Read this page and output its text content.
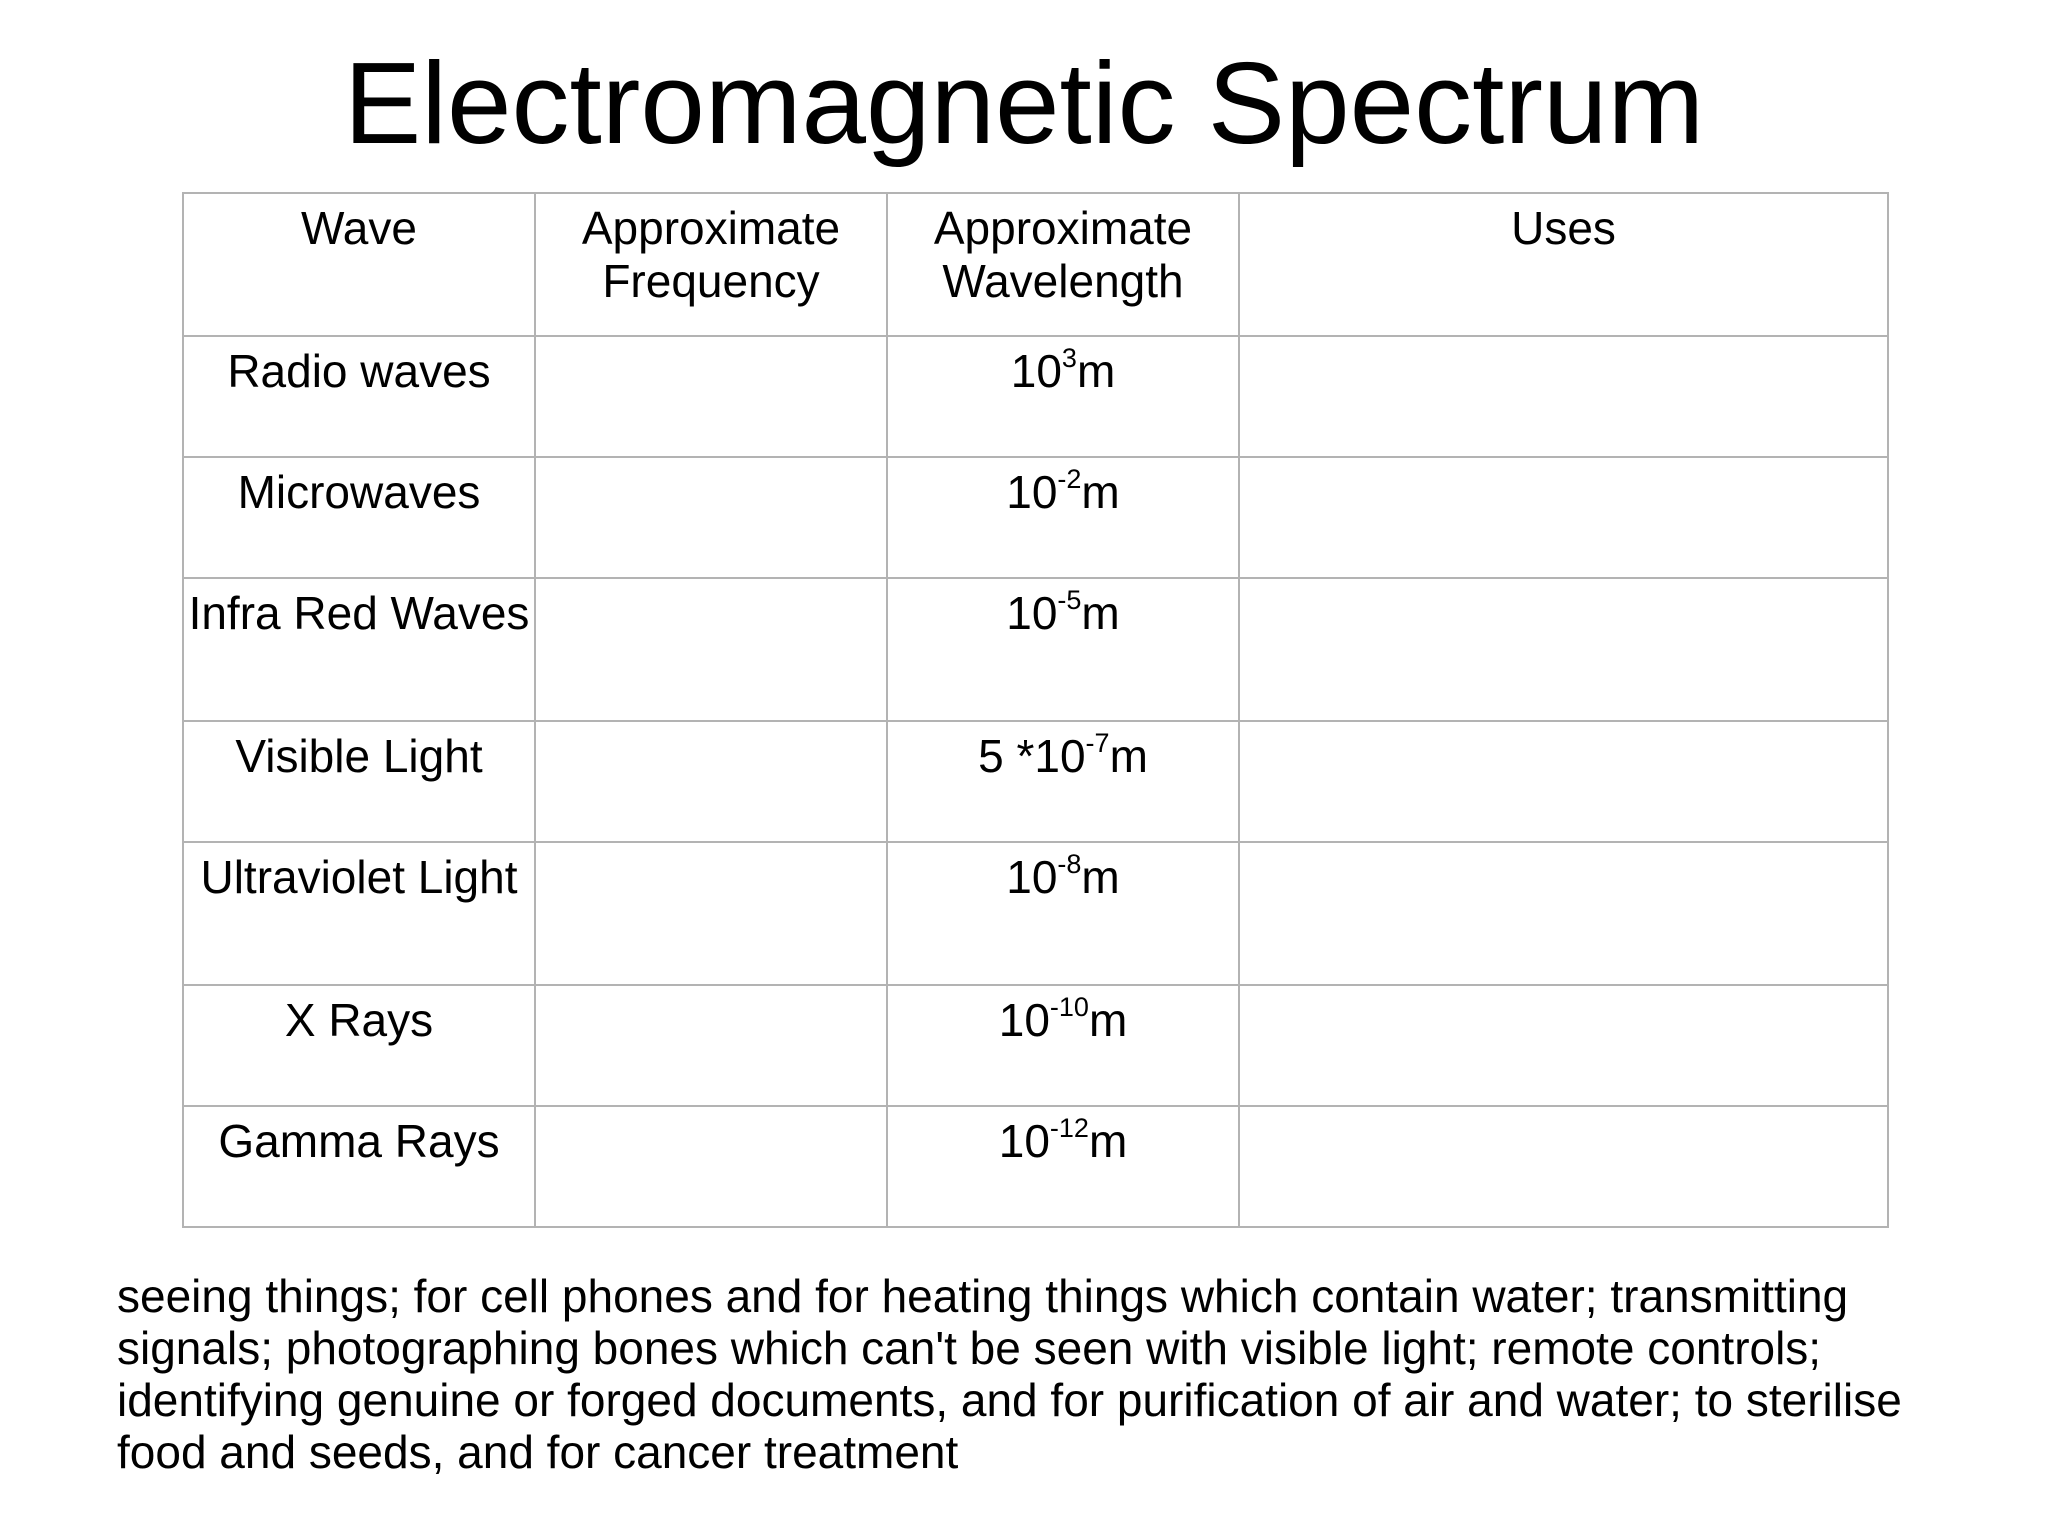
Electromagnetic Spectrum
Wave	Approximate Frequency	Approximate Wavelength	Uses
Radio waves		$10^3m$	
Microwaves		$10^{-2}m$	
Infra Red Waves		$10^{-5}m$	
Visible Light		5 $*10^{-7}m$	
Ultraviolet Light		$10^{-8}m$	
X Rays		$10^{-10}m$	
Gamma Rays		$10^{-12}m$	

seeing things; for cell phones and for heating things which contain water; transmitting signals; photographing bones which can't be seen with visible light; remote controls; identifying genuine or forged documents, and for purification of air and water; to sterilise food and seeds, and for cancer treatment
